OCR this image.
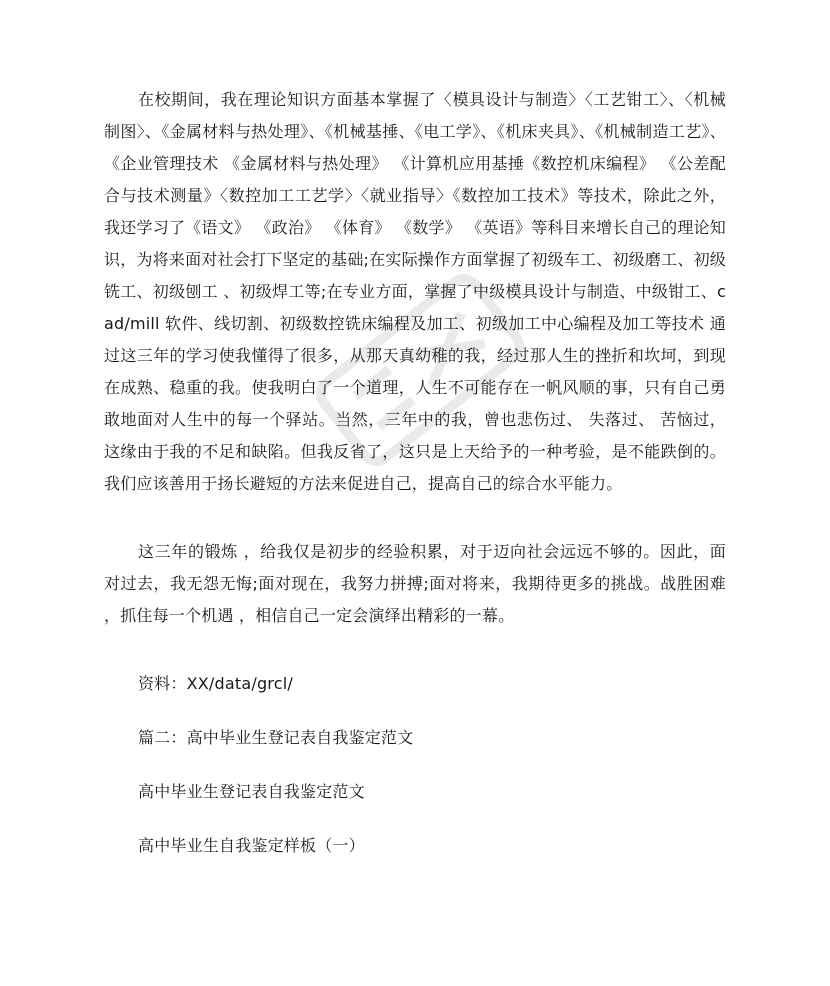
在校期间，我在理论知识方面基本掌握了〈模具设计与制造〉〈工艺钳工〉、〈机械制图〉、《金属材料与热处理》、《机械基捶、《电工学》、《机床夹具》、《机械制造工艺》、《企业管理技术 《金属材料与热处理》 《计算机应用基捶《数控机床编程》 《公差配合与技术测量》〈数控加工工艺学〉〈就业指导〉《数控加工技术》等技术，除此之外，我还学习了《语文》 《政治》 《体育》 《数学》 《英语》等科目来增长自己的理论知识，为将来面对社会打下坚定的基础;在实际操作方面掌握了初级车工、初级磨工、初级铣工、初级刨工 、初级焊工等;在专业方面，掌握了中级模具设计与制造、中级钳工、cad/mill 软件、线切割、初级数控铣床编程及加工、初级加工中心编程及加工等技术 通过这三年的学习使我懂得了很多，从那天真幼稚的我，经过那人生的挫折和坎坷，到现在成熟、稳重的我。使我明白了一个道理，人生不可能存在一帆风顺的事，只有自己勇敢地面对人生中的每一个驿站。当然，三年中的我，曾也悲伤过、 失落过、 苦恼过，这缘由于我的不足和缺陷。但我反省了，这只是上天给予的一种考验，是不能跌倒的。我们应该善用于扬长避短的方法来促进自己，提高自己的综合水平能力。

这三年的锻炼 ，给我仅是初步的经验积累，对于迈向社会远远不够的。因此，面对过去，我无怨无悔;面对现在，我努力拼搏;面对将来，我期待更多的挑战。战胜困难 ，抓住每一个机遇 ，相信自己一定会演绎出精彩的一幕。

资料：XX/data/grcl/

篇二：高中毕业生登记表自我鉴定范文

高中毕业生登记表自我鉴定范文

高中毕业生自我鉴定样板（一）
